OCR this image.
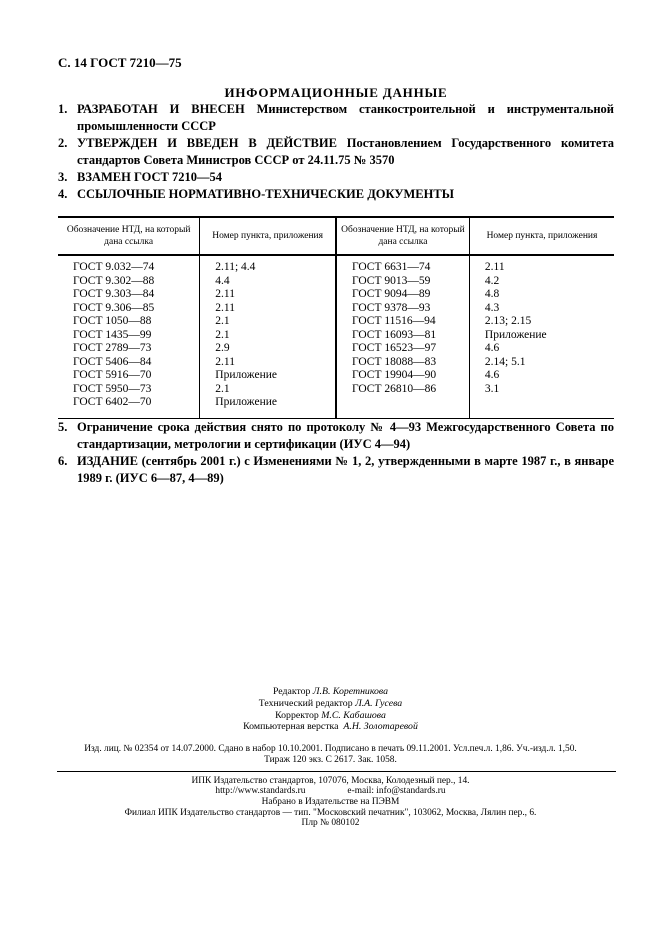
С. 14 ГОСТ 7210—75
ИНФОРМАЦИОННЫЕ ДАННЫЕ

1. РАЗРАБОТАН И ВНЕСЕН Министерством станкостроительной и инструментальной промышленности СССР

2. УТВЕРЖДЕН И ВВЕДЕН В ДЕЙСТВИЕ Постановлением Государственного комитета стандартов Совета Министров СССР от 24.11.75 № 3570

3. ВЗАМЕН ГОСТ 7210—54

4. ССЫЛОЧНЫЕ НОРМАТИВНО-ТЕХНИЧЕСКИЕ ДОКУМЕНТЫ

Обозначение НТД, на который дана ссылка	Номер пункта, приложения	Обозначение НТД, на который дана ссылка	Номер пункта, приложения
ГОСТ 9.032—74	2.11; 4.4	ГОСТ 6631—74	2.11
ГОСТ 9.302—88	4.4	ГОСТ 9013—59	4.2
ГОСТ 9.303—84	2.11	ГОСТ 9094—89	4.8
ГОСТ 9.306—85	2.11	ГОСТ 9378—93	4.3
ГОСТ 1050—88	2.1	ГОСТ 11516—94	2.13; 2.15
ГОСТ 1435—99	2.1	ГОСТ 16093—81	Приложение
ГОСТ 2789—73	2.9	ГОСТ 16523—97	4.6
ГОСТ 5406—84	2.11	ГОСТ 18088—83	2.14; 5.1
ГОСТ 5916—70	Приложение	ГОСТ 19904—90	4.6
ГОСТ 5950—73	2.1	ГОСТ 26810—86	3.1
ГОСТ 6402—70	Приложение		

5. Ограничение срока действия снято по протоколу № 4—93 Межгосударственного Совета по стандартизации, метрологии и сертификации (ИУС 4—94)

6. ИЗДАНИЕ (сентябрь 2001 г.) с Изменениями № 1, 2, утвержденными в марте 1987 г., в январе 1989 г. (ИУС 6—87, 4—89)

Редактор Л.В. Коретникова
Технический редактор Л.А. Гусева
Корректор М.С. Кабашова
Компьютерная верстка А.Н. Золотаревой
Изд. лиц. № 02354 от 14.07.2000. Сдано в набор 10.10.2001. Подписано в печать 09.11.2001. Усл.печ.л. 1,86. Уч.-изд.л. 1,50.
Тираж 120 экз. С 2617. Зак. 1058.
ИПК Издательство стандартов, 107076, Москва, Колодезный пер., 14.
http://www.standards.ru	e-mail: info@standards.ru
Набрано в Издательстве на ПЭВМ
Филиал ИПК Издательство стандартов — тип. "Московский печатник", 103062, Москва, Лялин пер., 6.
Плр № 080102
